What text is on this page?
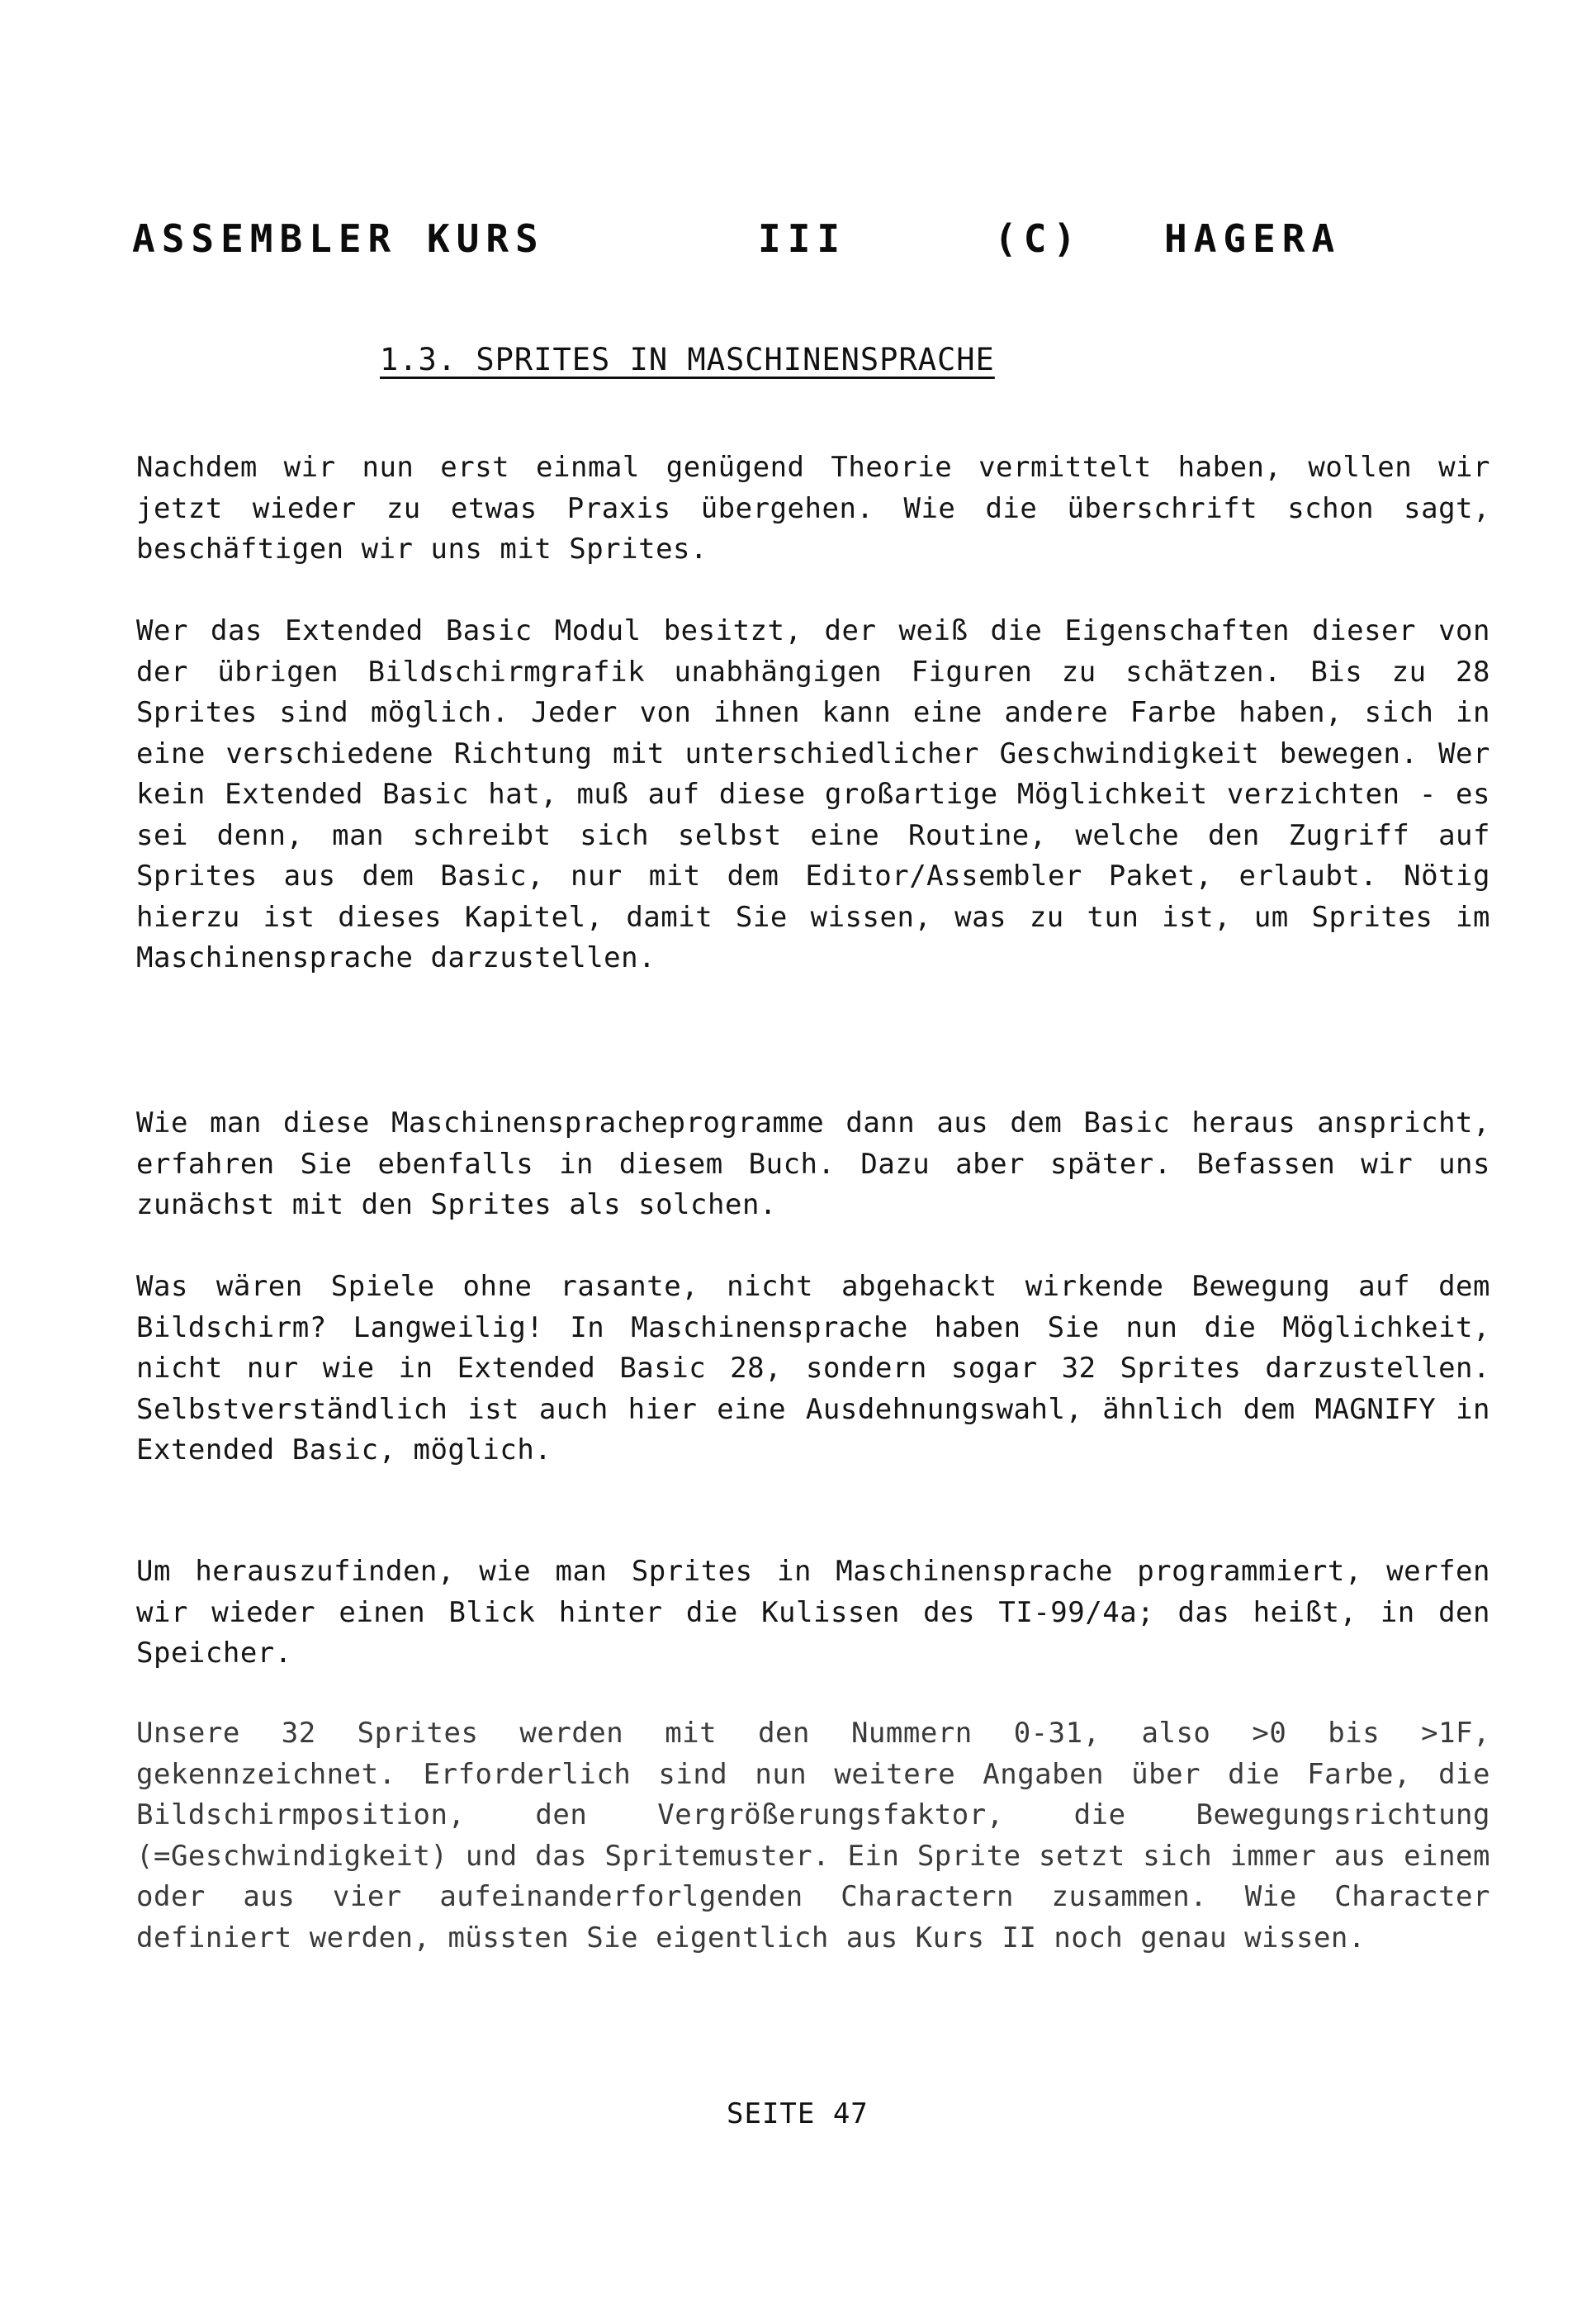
ASSEMBLER KURS

	III

	(C)

HAGERA

1.3. SPRITES IN MASCHINENSPRACHE

Nachdem wir nun erst einmal genügend Theorie vermittelt haben, wollen wir jetzt wieder zu etwas Praxis übergehen. Wie die überschrift schon sagt, beschäftigen wir uns mit Sprites.

Wer das Extended Basic Modul besitzt, der weiß die Eigenschaften dieser von der übrigen Bildschirmgrafik unabhängigen Figuren zu schätzen. Bis zu 28 Sprites sind möglich. Jeder von ihnen kann eine andere Farbe haben, sich in eine verschiedene Richtung mit unterschiedlicher Geschwindigkeit bewegen. Wer kein Extended Basic hat, muß auf diese großartige Möglichkeit verzichten - es sei denn, man schreibt sich selbst eine Routine, welche den Zugriff auf Sprites aus dem Basic, nur mit dem Editor/Assembler Paket, erlaubt. Nötig hierzu ist dieses Kapitel, damit Sie wissen, was zu tun ist, um Sprites im Maschinensprache darzustellen.

Wie man diese Maschinenspracheprogramme dann aus dem Basic heraus anspricht, erfahren Sie ebenfalls in diesem Buch. Dazu aber später. Befassen wir uns zunächst mit den Sprites als solchen.

Was wären Spiele ohne rasante, nicht abgehackt wirkende Bewegung auf dem Bildschirm? Langweilig! In Maschinensprache haben Sie nun die Möglichkeit, nicht nur wie in Extended Basic 28, sondern sogar 32 Sprites darzustellen. Selbstverständlich ist auch hier eine Ausdehnungswahl, ähnlich dem MAGNIFY in Extended Basic, möglich.

Um herauszufinden, wie man Sprites in Maschinensprache programmiert, werfen wir wieder einen Blick hinter die Kulissen des TI-99/4a; das heißt, in den Speicher.

Unsere 32 Sprites werden mit den Nummern 0-31, also >0 bis >1F, gekennzeichnet. Erforderlich sind nun weitere Angaben über die Farbe, die Bildschirmposition, den Vergrößerungsfaktor, die Bewegungsrichtung (=Geschwindigkeit) und das Spritemuster. Ein Sprite setzt sich immer aus einem oder aus vier aufeinanderforlgenden Charactern zusammen. Wie Character definiert werden, müssten Sie eigentlich aus Kurs II noch genau wissen.

SEITE 47
